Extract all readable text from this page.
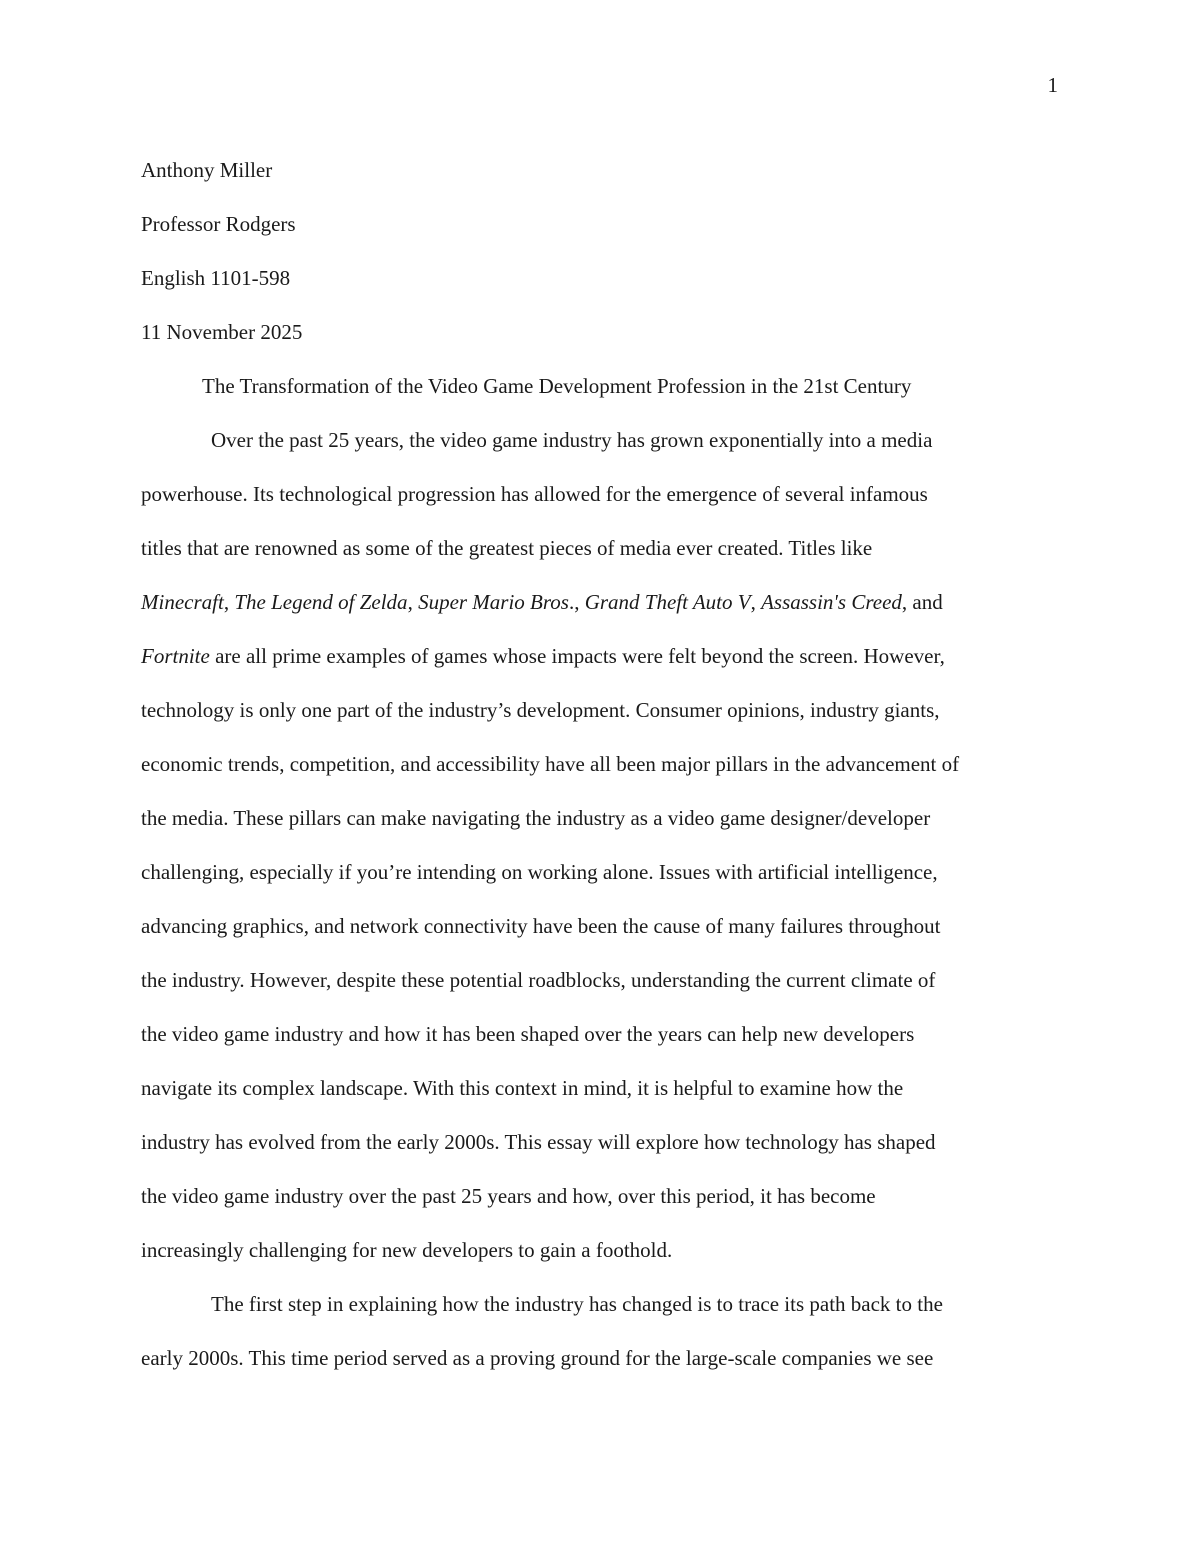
1
Anthony Miller
Professor Rodgers
English 1101-598
11 November 2025
The Transformation of the Video Game Development Profession in the 21st Century
Over the past 25 years, the video game industry has grown exponentially into a media
powerhouse. Its technological progression has allowed for the emergence of several infamous
titles that are renowned as some of the greatest pieces of media ever created. Titles like
Minecraft, The Legend of Zelda, Super Mario Bros., Grand Theft Auto V, Assassin's Creed, and
Fortnite are all prime examples of games whose impacts were felt beyond the screen. However,
technology is only one part of the industry’s development. Consumer opinions, industry giants,
economic trends, competition, and accessibility have all been major pillars in the advancement of
the media. These pillars can make navigating the industry as a video game designer/developer
challenging, especially if you’re intending on working alone. Issues with artificial intelligence,
advancing graphics, and network connectivity have been the cause of many failures throughout
the industry. However, despite these potential roadblocks, understanding the current climate of
the video game industry and how it has been shaped over the years can help new developers
navigate its complex landscape. With this context in mind, it is helpful to examine how the
industry has evolved from the early 2000s. This essay will explore how technology has shaped
the video game industry over the past 25 years and how, over this period, it has become
increasingly challenging for new developers to gain a foothold.
The first step in explaining how the industry has changed is to trace its path back to the
early 2000s. This time period served as a proving ground for the large-scale companies we see
